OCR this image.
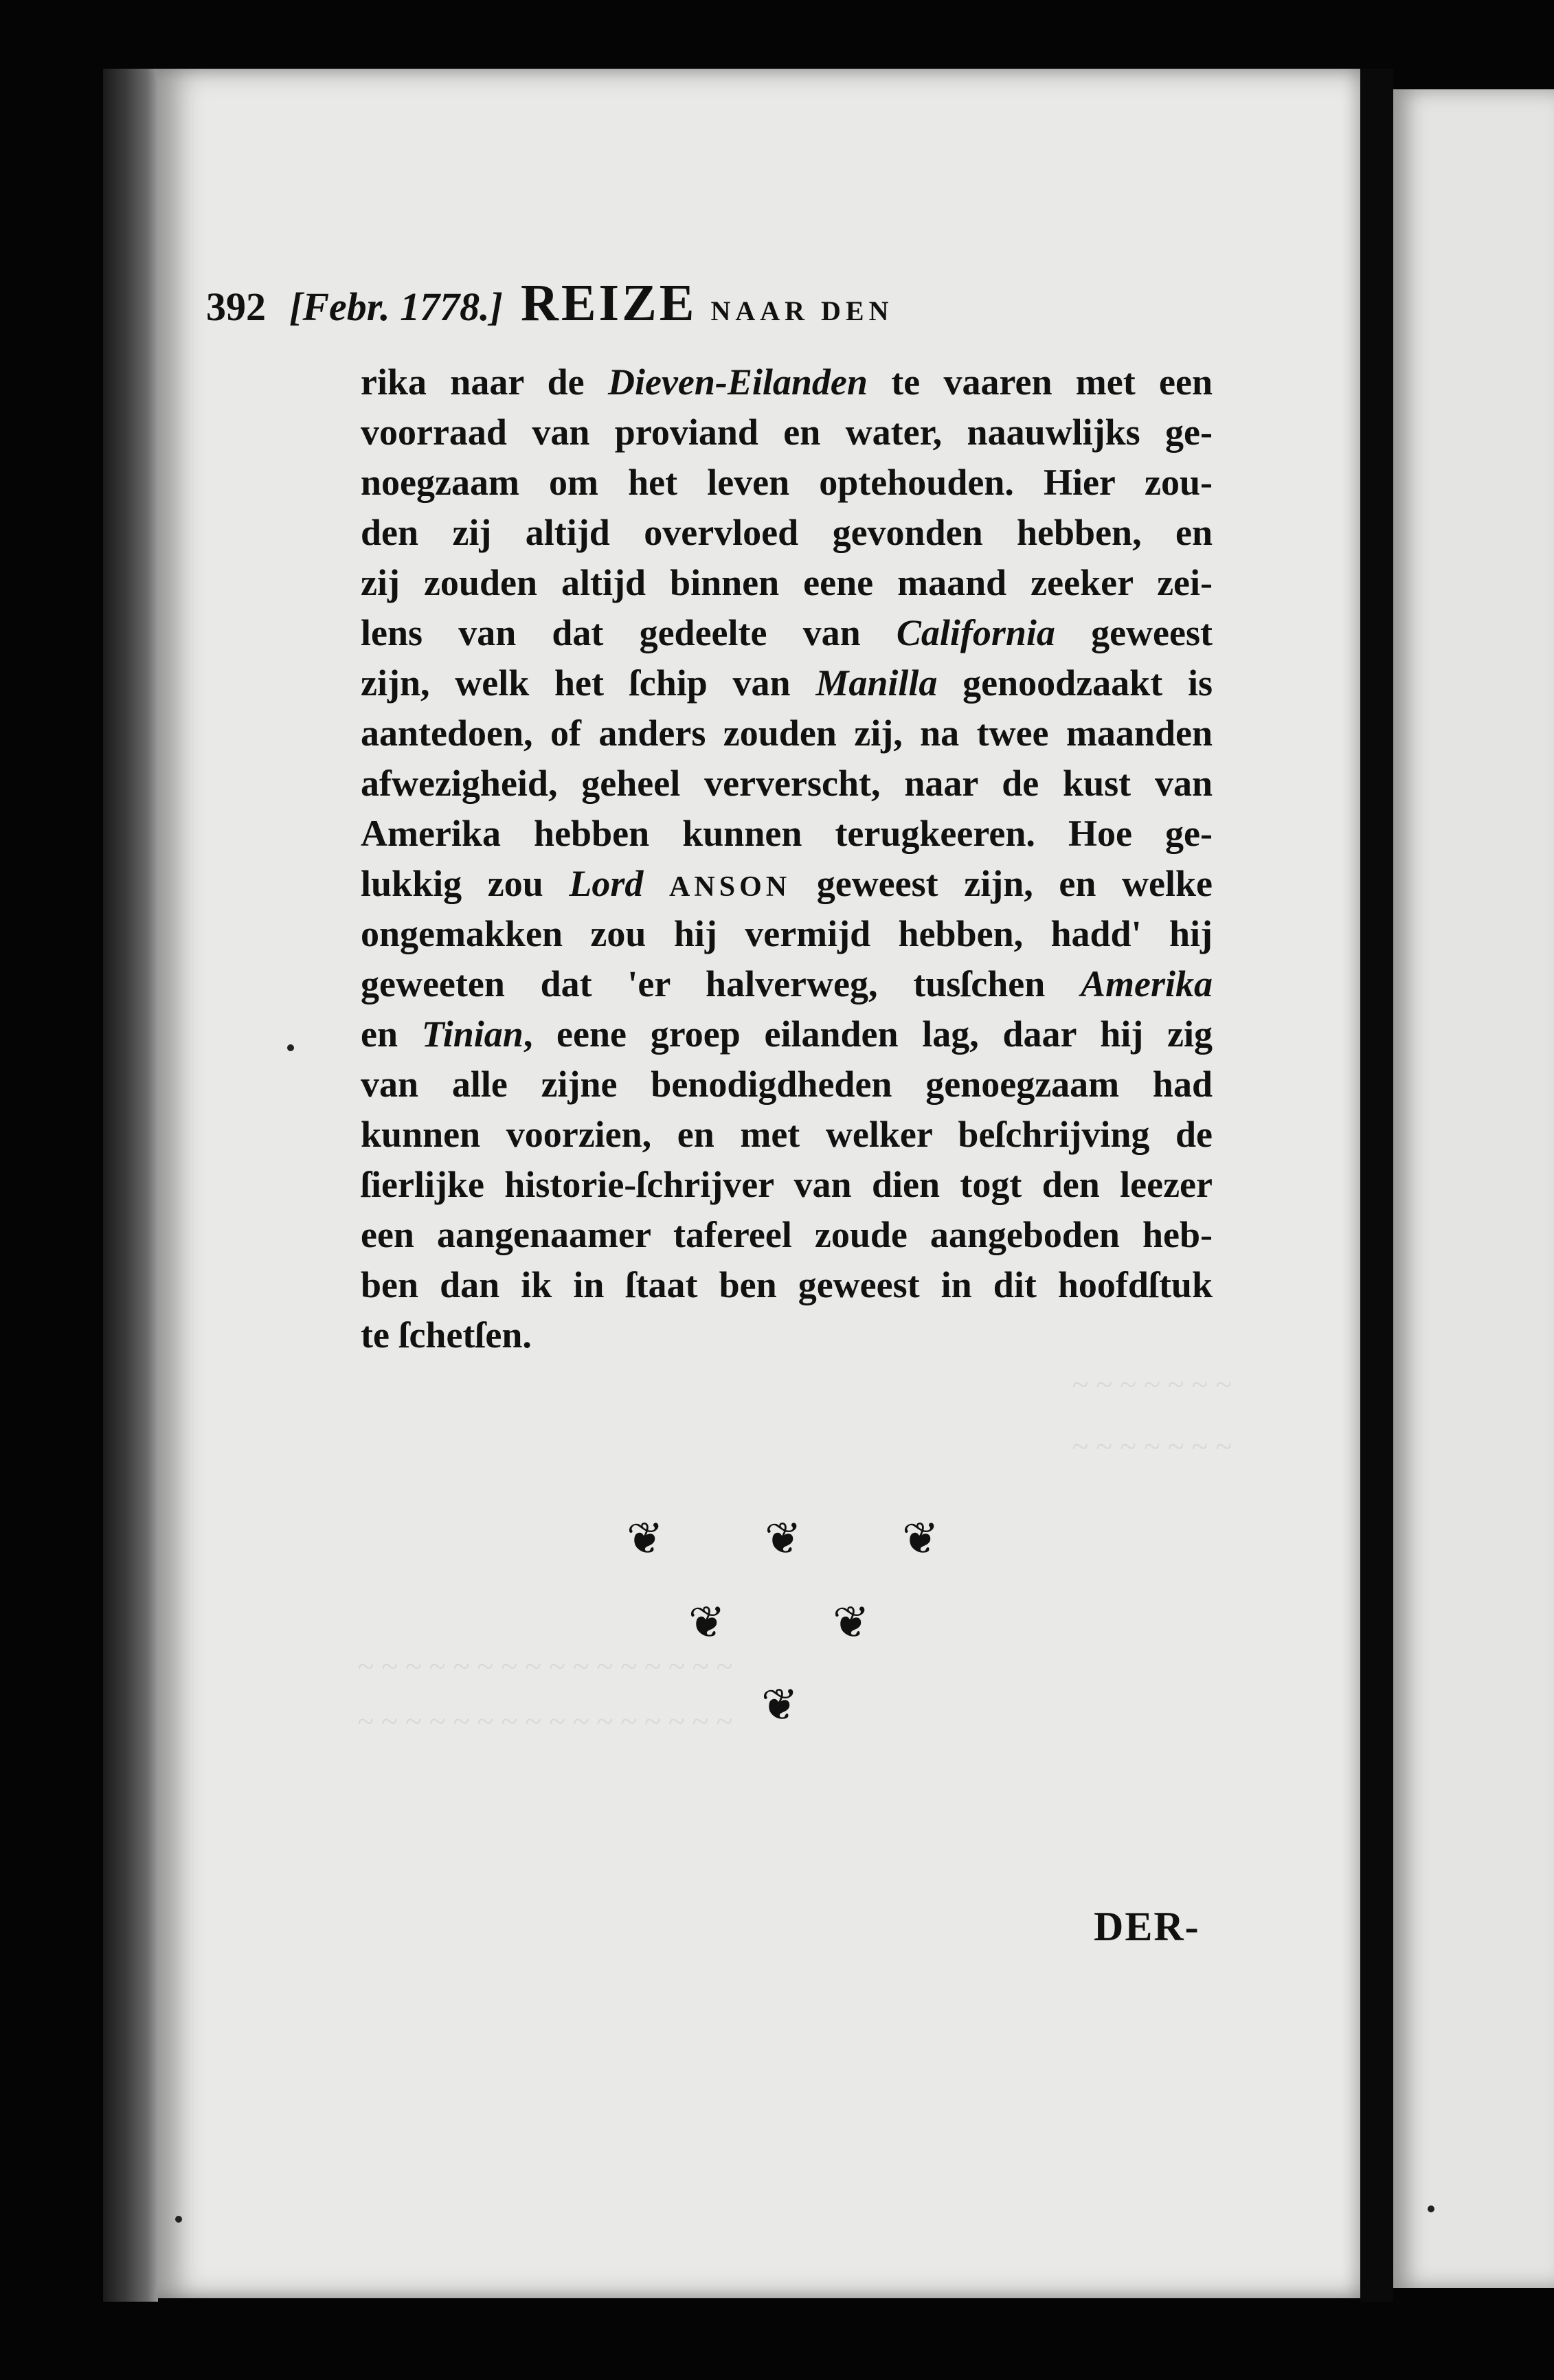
~ ~ ~ ~ ~ ~ ~
~ ~ ~ ~ ~ ~ ~
~ ~ ~ ~ ~ ~ ~ ~ ~ ~ ~ ~ ~ ~ ~ ~
~ ~ ~ ~ ~ ~ ~ ~ ~ ~ ~ ~ ~ ~ ~ ~
392 [Febr. 1778.] REIZE NAAR DEN
rika naar de Dieven-Eilanden te vaaren met een
voorraad van proviand en water, naauwlijks ge-
noegzaam om het leven optehouden. Hier zou-
den zij altijd overvloed gevonden hebben, en
zij zouden altijd binnen eene maand zeeker zei-
lens van dat gedeelte van California geweest
zijn, welk het ſchip van Manilla genoodzaakt is
aantedoen, of anders zouden zij, na twee maanden
afwezigheid, geheel ververscht, naar de kust van
Amerika hebben kunnen terugkeeren. Hoe ge-
lukkig zou Lord ANSON geweest zijn, en welke
ongemakken zou hij vermijd hebben, hadd' hij
geweeten dat 'er halverweg, tusſchen Amerika
en Tinian, eene groep eilanden lag, daar hij zig
van alle zijne benodigdheden genoegzaam had
kunnen voorzien, en met welker beſchrijving de
ſierlijke historie-ſchrijver van dien togt den leezer
een aangenaamer tafereel zoude aangeboden heb-
ben dan ik in ſtaat ben geweest in dit hoofdſtuk
te ſchetſen.
❦ ❦ ❦
❦ ❦
❦
DER-
